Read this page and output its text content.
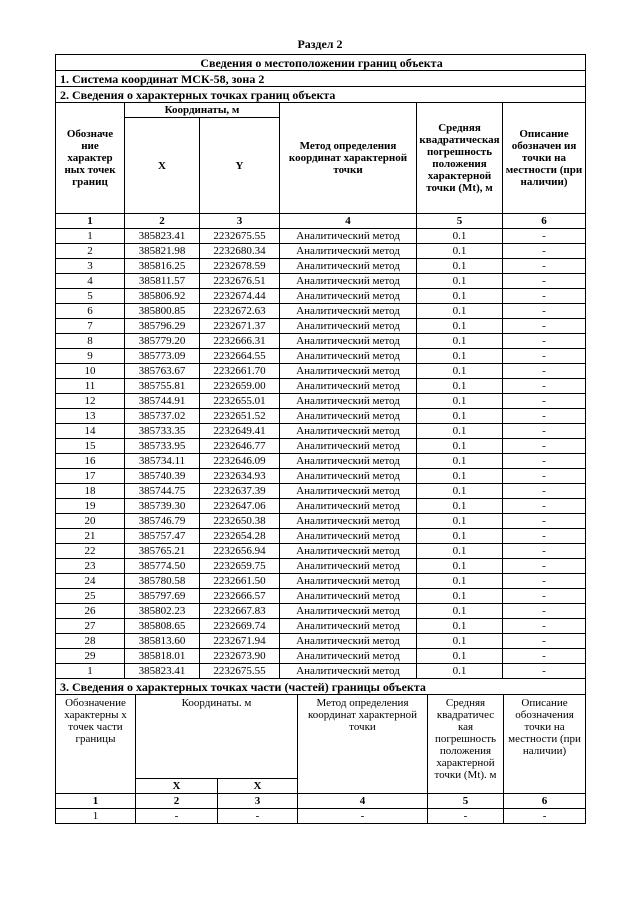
Раздел 2
Сведения о местоположении границ объекта					
1. Система координат МСК-58, зона 2					
2. Сведения о характерных точках границ объекта					
Обозначе ние характер ных точек границ	Координаты, м		Метод определения координат характерной точки	Средняя квадратическая погрешность положения характерной точки (Mt), м	Описание обозначен ия точки на местности (при наличии)
	X	Y			
1	2	3	4	5	6
1	385823.41	2232675.55	Аналитический метод	0.1	-
2	385821.98	2232680.34	Аналитический метод	0.1	-
3	385816.25	2232678.59	Аналитический метод	0.1	-
4	385811.57	2232676.51	Аналитический метод	0.1	-
5	385806.92	2232674.44	Аналитический метод	0.1	-
6	385800.85	2232672.63	Аналитический метод	0.1	-
7	385796.29	2232671.37	Аналитический метод	0.1	-
8	385779.20	2232666.31	Аналитический метод	0.1	-
9	385773.09	2232664.55	Аналитический метод	0.1	-
10	385763.67	2232661.70	Аналитический метод	0.1	-
11	385755.81	2232659.00	Аналитический метод	0.1	-
12	385744.91	2232655.01	Аналитический метод	0.1	-
13	385737.02	2232651.52	Аналитический метод	0.1	-
14	385733.35	2232649.41	Аналитический метод	0.1	-
15	385733.95	2232646.77	Аналитический метод	0.1	-
16	385734.11	2232646.09	Аналитический метод	0.1	-
17	385740.39	2232634.93	Аналитический метод	0.1	-
18	385744.75	2232637.39	Аналитический метод	0.1	-
19	385739.30	2232647.06	Аналитический метод	0.1	-
20	385746.79	2232650.38	Аналитический метод	0.1	-
21	385757.47	2232654.28	Аналитический метод	0.1	-
22	385765.21	2232656.94	Аналитический метод	0.1	-
23	385774.50	2232659.75	Аналитический метод	0.1	-
24	385780.58	2232661.50	Аналитический метод	0.1	-
25	385797.69	2232666.57	Аналитический метод	0.1	-
26	385802.23	2232667.83	Аналитический метод	0.1	-
27	385808.65	2232669.74	Аналитический метод	0.1	-
28	385813.60	2232671.94	Аналитический метод	0.1	-
29	385818.01	2232673.90	Аналитический метод	0.1	-
1	385823.41	2232675.55	Аналитический метод	0.1	-
3. Сведения о характерных точках части (частей) границы объекта					
Обозначение характерны х точек части границы	Координаты. м		Метод определения координат характерной точки	Средняя квадратичес кая погрешность положения характерной точки (Mt). м	Описание обозначения точки на местности (при наличии)
	X	X			
1	2	3	4	5	6
1	-	-	-	-	-
